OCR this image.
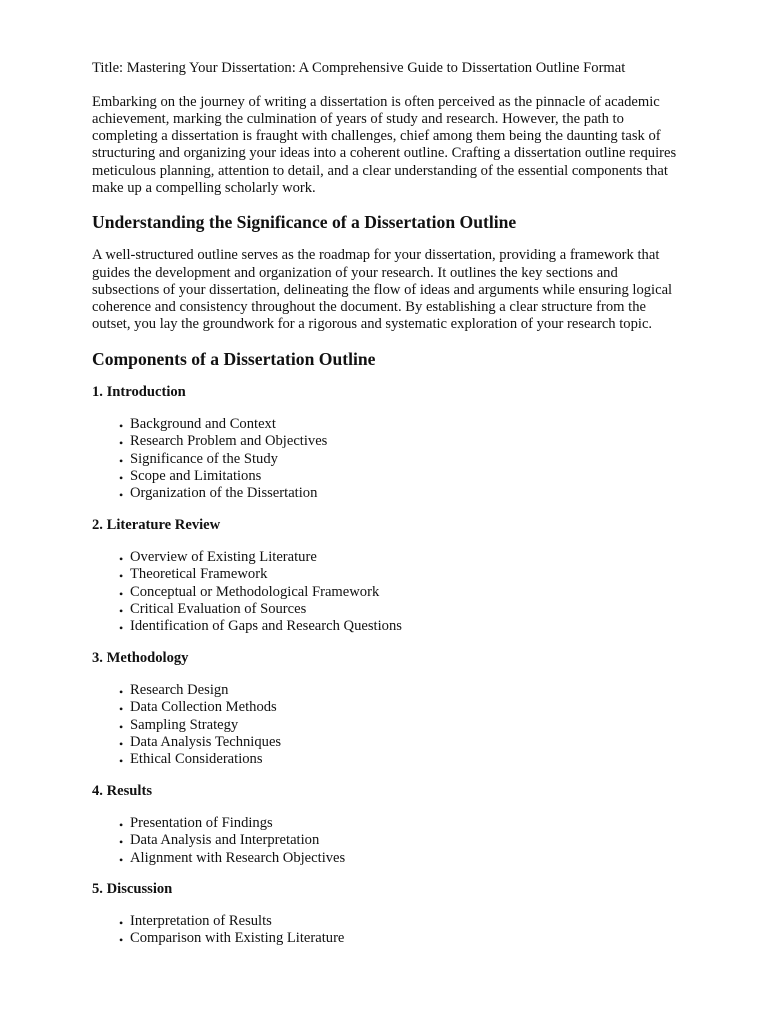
Title: Mastering Your Dissertation: A Comprehensive Guide to Dissertation Outline Format

Embarking on the journey of writing a dissertation is often perceived as the pinnacle of academic
achievement, marking the culmination of years of study and research. However, the path to
completing a dissertation is fraught with challenges, chief among them being the daunting task of
structuring and organizing your ideas into a coherent outline. Crafting a dissertation outline requires
meticulous planning, attention to detail, and a clear understanding of the essential components that
make up a compelling scholarly work.

Understanding the Significance of a Dissertation Outline

A well-structured outline serves as the roadmap for your dissertation, providing a framework that
guides the development and organization of your research. It outlines the key sections and
subsections of your dissertation, delineating the flow of ideas and arguments while ensuring logical
coherence and consistency throughout the document. By establishing a clear structure from the
outset, you lay the groundwork for a rigorous and systematic exploration of your research topic.

Components of a Dissertation Outline
1. Introduction
• Background and Context
• Research Problem and Objectives
• Significance of the Study
• Scope and Limitations
• Organization of the Dissertation
2. Literature Review
• Overview of Existing Literature
• Theoretical Framework
• Conceptual or Methodological Framework
• Critical Evaluation of Sources
• Identification of Gaps and Research Questions
3. Methodology
• Research Design
• Data Collection Methods
• Sampling Strategy
• Data Analysis Techniques
• Ethical Considerations
4. Results
• Presentation of Findings
• Data Analysis and Interpretation
• Alignment with Research Objectives
5. Discussion
• Interpretation of Results
• Comparison with Existing Literature
